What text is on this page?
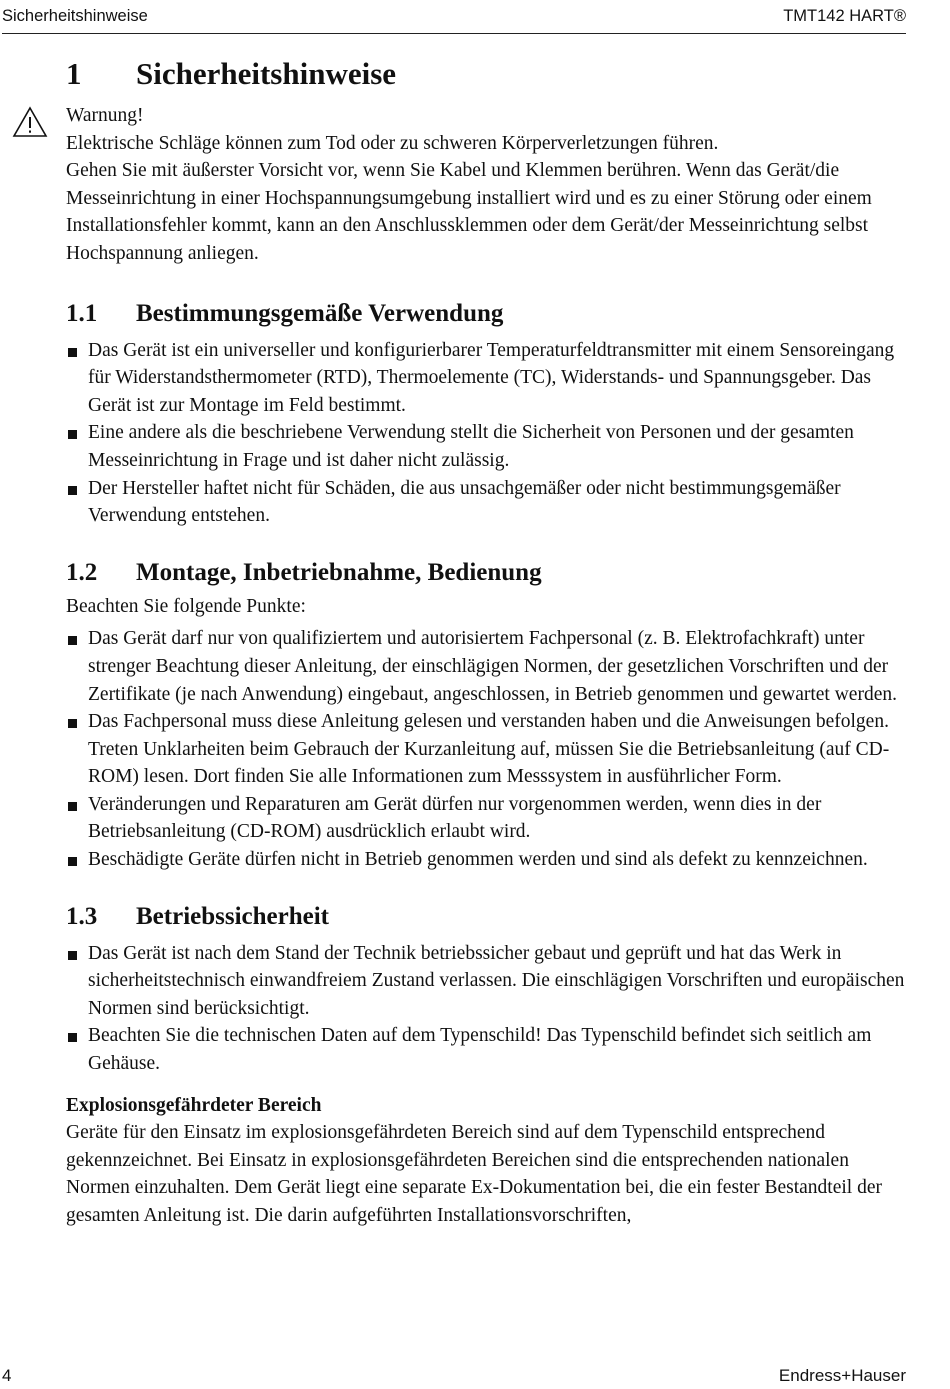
Sicherheitshinweise	TMT142 HART®
1 Sicherheitshinweise

Warnung!

Elektrische Schläge können zum Tod oder zu schweren Körperverletzungen führen.

Gehen Sie mit äußerster Vorsicht vor, wenn Sie Kabel und Klemmen berühren. Wenn das Gerät/die Messeinrichtung in einer Hochspannungsumgebung installiert wird und es zu einer Störung oder einem Installationsfehler kommt, kann an den Anschlussklemmen oder dem Gerät/der Messeinrichtung selbst Hochspannung anliegen.

1.1 Bestimmungsgemäße Verwendung
Das Gerät ist ein universeller und konfigurierbarer Temperaturfeldtransmitter mit einem Sensoreingang für Widerstandsthermometer (RTD), Thermoelemente (TC), Widerstands- und Spannungsgeber. Das Gerät ist zur Montage im Feld bestimmt.
Eine andere als die beschriebene Verwendung stellt die Sicherheit von Personen und der gesamten Messeinrichtung in Frage und ist daher nicht zulässig.
Der Hersteller haftet nicht für Schäden, die aus unsachgemäßer oder nicht bestimmungsgemäßer Verwendung entstehen.
1.2 Montage, Inbetriebnahme, Bedienung

Beachten Sie folgende Punkte:

Das Gerät darf nur von qualifiziertem und autorisiertem Fachpersonal (z. B. Elektrofachkraft) unter strenger Beachtung dieser Anleitung, der einschlägigen Normen, der gesetzlichen Vorschriften und der Zertifikate (je nach Anwendung) eingebaut, angeschlossen, in Betrieb genommen und gewartet werden.
Das Fachpersonal muss diese Anleitung gelesen und verstanden haben und die Anweisungen befolgen. Treten Unklarheiten beim Gebrauch der Kurzanleitung auf, müssen Sie die Betriebsanleitung (auf CD-ROM) lesen. Dort finden Sie alle Informationen zum Messsystem in ausführlicher Form.
Veränderungen und Reparaturen am Gerät dürfen nur vorgenommen werden, wenn dies in der Betriebsanleitung (CD-ROM) ausdrücklich erlaubt wird.
Beschädigte Geräte dürfen nicht in Betrieb genommen werden und sind als defekt zu kennzeichnen.
1.3 Betriebssicherheit
Das Gerät ist nach dem Stand der Technik betriebssicher gebaut und geprüft und hat das Werk in sicherheitstechnisch einwandfreiem Zustand verlassen. Die einschlägigen Vorschriften und europäischen Normen sind berücksichtigt.
Beachten Sie die technischen Daten auf dem Typenschild! Das Typenschild befindet sich seitlich am Gehäuse.

Explosionsgefährdeter Bereich

Geräte für den Einsatz im explosionsgefährdeten Bereich sind auf dem Typenschild entsprechend gekennzeichnet. Bei Einsatz in explosionsgefährdeten Bereichen sind die entsprechenden nationalen Normen einzuhalten. Dem Gerät liegt eine separate Ex-Dokumentation bei, die ein fester Bestandteil der gesamten Anleitung ist. Die darin aufgeführten Installationsvorschriften,

4	Endress+Hauser
